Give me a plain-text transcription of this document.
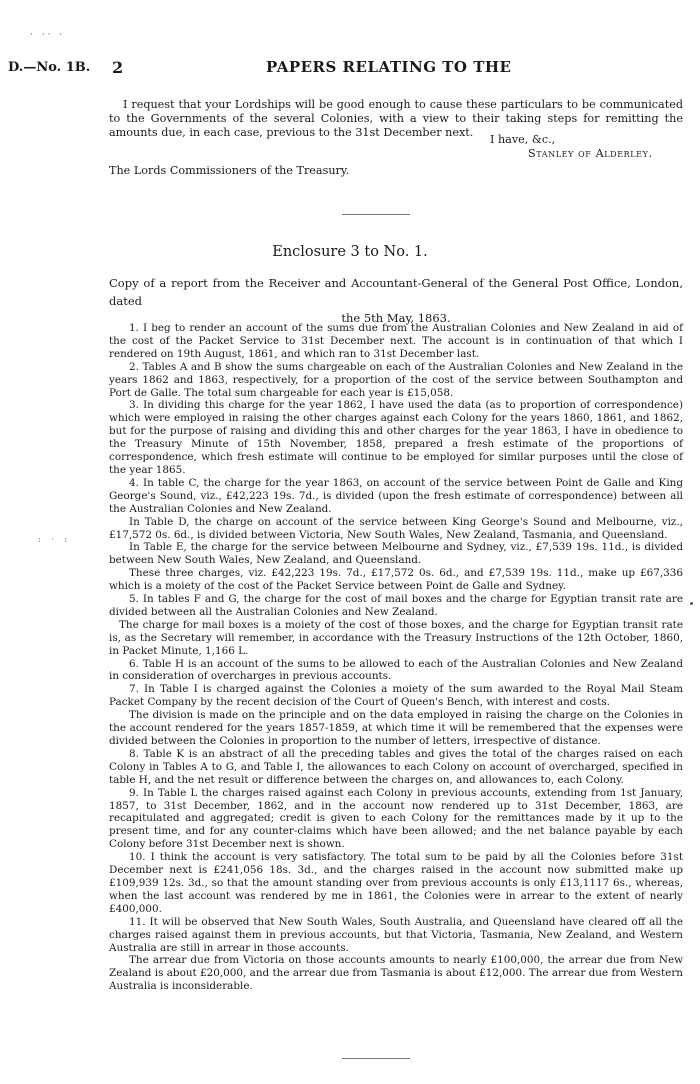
· ·· ·
D.—No. 1B. 2	PAPERS RELATING TO THE

I request that your Lordships will be good enough to cause these particulars to be communicated to the Governments of the several Colonies, with a view to their taking steps for remitting the amounts due, in each case, previous to the 31st December next.

I have, &c.,
Stanley of Alderley.
The Lords Commissioners of the Treasury.
Enclosure 3 to No. 1.
Copy of a report from the Receiver and Accountant-General of the General Post Office, London, dated
the 5th May, 1863.

1. I beg to render an account of the sums due from the Australian Colonies and New Zealand in aid of the cost of the Packet Service to 31st December next. The account is in continuation of that which I rendered on 19th August, 1861, and which ran to 31st December last.

2. Tables A and B show the sums chargeable on each of the Australian Colonies and New Zealand in the years 1862 and 1863, respectively, for a proportion of the cost of the service between Southampton and Port de Galle. The total sum chargeable for each year is £15,058.

3. In dividing this charge for the year 1862, I have used the data (as to proportion of correspondence) which were employed in raising the other charges against each Colony for the years 1860, 1861, and 1862, but for the purpose of raising and dividing this and other charges for the year 1863, I have in obedience to the Treasury Minute of 15th November, 1858, prepared a fresh estimate of the proportions of correspondence, which fresh estimate will continue to be employed for similar purposes until the close of the year 1865.

4. In table C, the charge for the year 1863, on account of the service between Point de Galle and King George's Sound, viz., £42,223 19s. 7d., is divided (upon the fresh estimate of correspondence) between all the Australian Colonies and New Zealand.

In Table D, the charge on account of the service between King George's Sound and Melbourne, viz., £17,572 0s. 6d., is divided between Victoria, New South Wales, New Zealand, Tasmania, and Queensland.

In Table E, the charge for the service between Melbourne and Sydney, viz., £7,539 19s. 11d., is divided between New South Wales, New Zealand, and Queensland.

These three charges, viz. £42,223 19s. 7d., £17,572 0s. 6d., and £7,539 19s. 11d., make up £67,336 which is a moiety of the cost of the Packet Service between Point de Galle and Sydney.

5. In tables F and G, the charge for the cost of mail boxes and the charge for Egyptian transit rate are divided between all the Australian Colonies and New Zealand.

The charge for mail boxes is a moiety of the cost of those boxes, and the charge for Egyptian transit rate is, as the Secretary will remember, in accordance with the Treasury Instructions of the 12th October, 1860, in Packet Minute, 1,166 L.

6. Table H is an account of the sums to be allowed to each of the Australian Colonies and New Zealand in consideration of overcharges in previous accounts.

7. In Table I is charged against the Colonies a moiety of the sum awarded to the Royal Mail Steam Packet Company by the recent decision of the Court of Queen's Bench, with interest and costs.

The division is made on the principle and on the data employed in raising the charge on the Colonies in the account rendered for the years 1857-1859, at which time it will be remembered that the expenses were divided between the Colonies in proportion to the number of letters, irrespective of distance.

8. Table K is an abstract of all the preceding tables and gives the total of the charges raised on each Colony in Tables A to G, and Table I, the allowances to each Colony on account of overcharged, specified in table H, and the net result or difference between the charges on, and allowances to, each Colony.

9. In Table L the charges raised against each Colony in previous accounts, extending from 1st January, 1857, to 31st December, 1862, and in the account now rendered up to 31st December, 1863, are recapitulated and aggregated; credit is given to each Colony for the remittances made by it up to the present time, and for any counter-claims which have been allowed; and the net balance payable by each Colony before 31st December next is shown.

10. I think the account is very satisfactory. The total sum to be paid by all the Colonies before 31st December next is £241,056 18s. 3d., and the charges raised in the account now submitted make up £109,939 12s. 3d., so that the amount standing over from previous accounts is only £13,1117 6s., whereas, when the last account was rendered by me in 1861, the Colonies were in arrear to the extent of nearly £400,000.

11. It will be observed that New South Wales, South Australia, and Queensland have cleared off all the charges raised against them in previous accounts, but that Victoria, Tasmania, New Zealand, and Western Australia are still in arrear in those accounts.

The arrear due from Victoria on those accounts amounts to nearly £100,000, the arrear due from New Zealand is about £20,000, and the arrear due from Tasmania is about £12,000. The arrear due from Western Australia is inconsiderable.

: · :
